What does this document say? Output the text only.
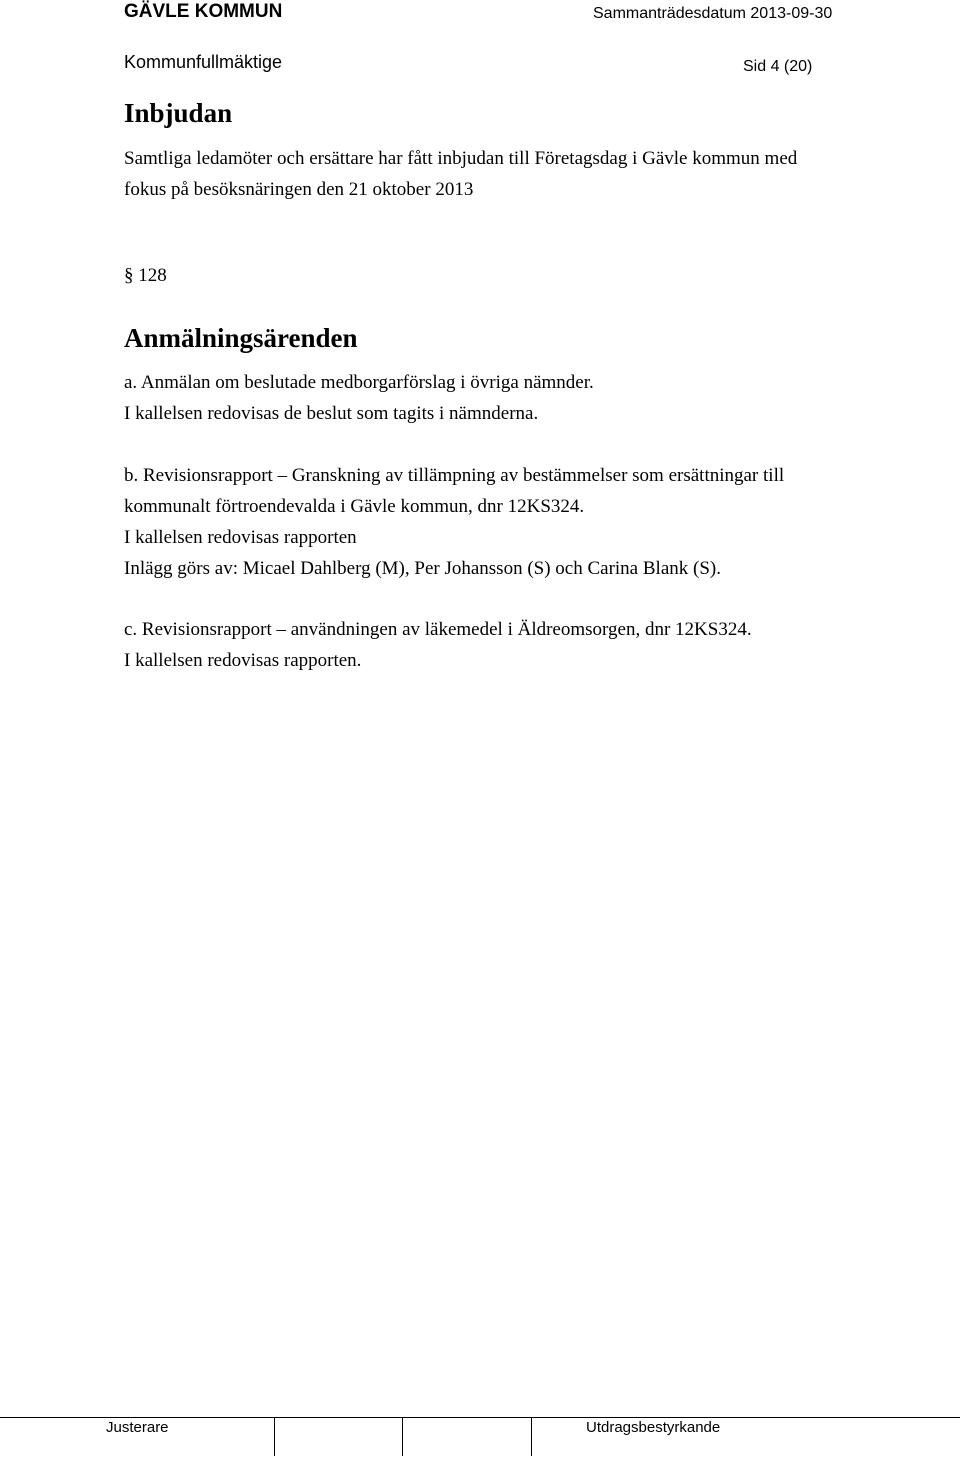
GÄVLE KOMMUN	Sammanträdesdatum 2013-09-30
Kommunfullmäktige	Sid 4 (20)
Inbjudan
Samtliga ledamöter och ersättare har fått inbjudan till Företagsdag i Gävle kommun med
fokus på besöksnäringen den 21 oktober 2013
§ 128
Anmälningsärenden
a. Anmälan om beslutade medborgarförslag i övriga nämnder.
I kallelsen redovisas de beslut som tagits i nämnderna.
b. Revisionsrapport – Granskning av tillämpning av bestämmelser som ersättningar till
kommunalt förtroendevalda i Gävle kommun, dnr 12KS324.
I kallelsen redovisas rapporten
Inlägg görs av: Micael Dahlberg (M), Per Johansson (S) och Carina Blank (S).
c. Revisionsrapport – användningen av läkemedel i Äldreomsorgen, dnr 12KS324.
I kallelsen redovisas rapporten.
Justerare	Utdragsbestyrkande
